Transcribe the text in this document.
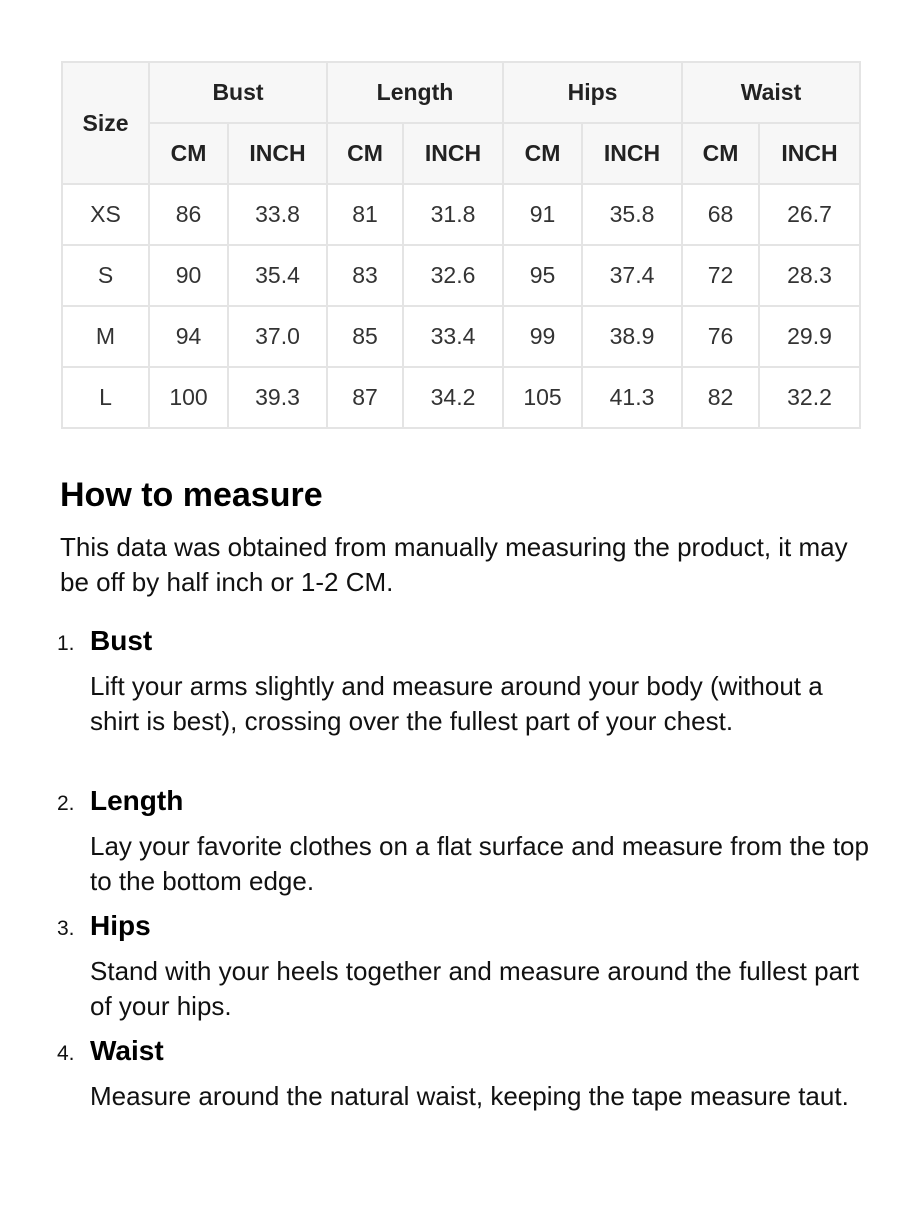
Size	Bust		Length		Hips		Waist	
	CM	INCH	CM	INCH	CM	INCH	CM	INCH
XS	86	33.8	81	31.8	91	35.8	68	26.7
S	90	35.4	83	32.6	95	37.4	72	28.3
M	94	37.0	85	33.4	99	38.9	76	29.9
L	100	39.3	87	34.2	105	41.3	82	32.2
How to measure

This data was obtained from manually measuring the product, it may be off by half inch or 1-2 CM.

1. Bust

Lift your arms slightly and measure around your body (without a shirt is best), crossing over the fullest part of your chest.

2. Length

Lay your favorite clothes on a flat surface and measure from the top to the bottom edge.

3. Hips

Stand with your heels together and measure around the fullest part of your hips.

4. Waist

Measure around the natural waist, keeping the tape measure taut.
